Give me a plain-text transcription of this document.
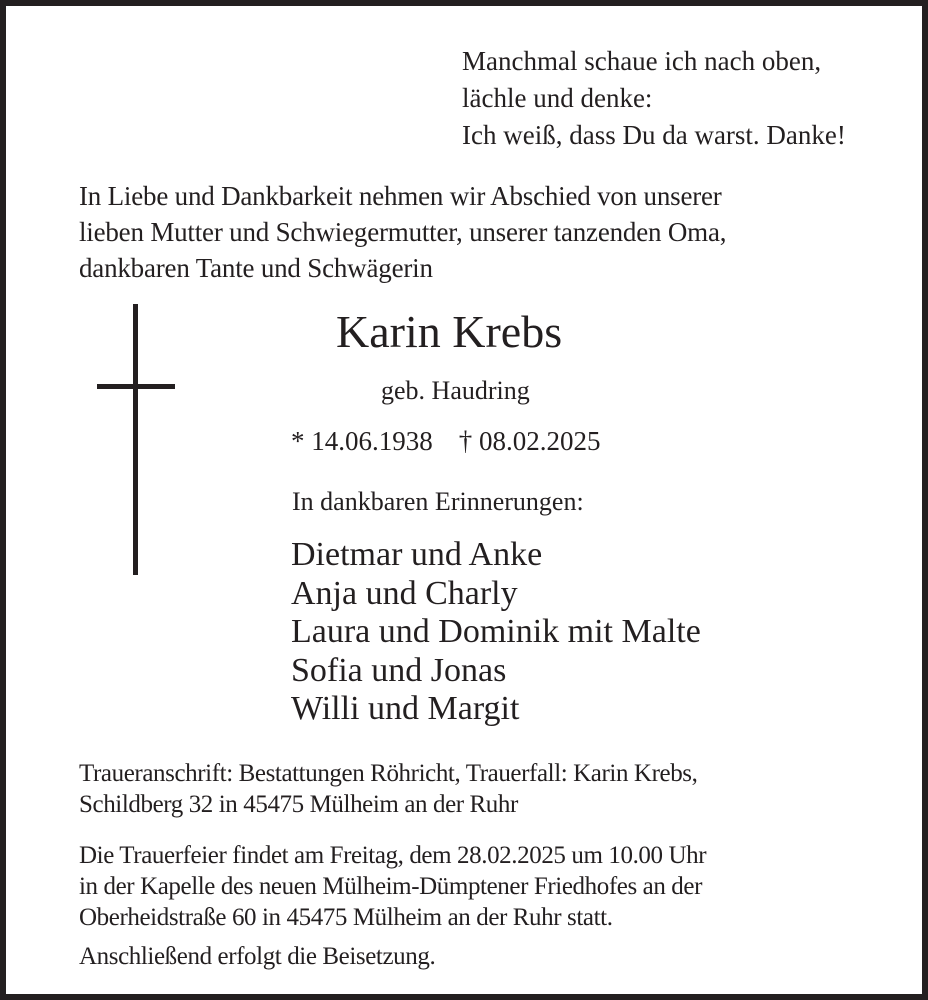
Manchmal schaue ich nach oben,
lächle und denke:
Ich weiß, dass Du da warst. Danke!
In Liebe und Dankbarkeit nehmen wir Abschied von unserer
lieben Mutter und Schwiegermutter, unserer tanzenden Oma,
dankbaren Tante und Schwägerin
Karin Krebs
geb. Haudring
* 14.06.1938 † 08.02.2025
In dankbaren Erinnerungen:
Dietmar und Anke
Anja und Charly
Laura und Dominik mit Malte
Sofia und Jonas
Willi und Margit
Traueranschrift: Bestattungen Röhricht, Trauerfall: Karin Krebs,
Schildberg 32 in 45475 Mülheim an der Ruhr
Die Trauerfeier findet am Freitag, dem 28.02.2025 um 10.00 Uhr
in der Kapelle des neuen Mülheim-Dümptener Friedhofes an der
Oberheidstraße 60 in 45475 Mülheim an der Ruhr statt.
Anschließend erfolgt die Beisetzung.
